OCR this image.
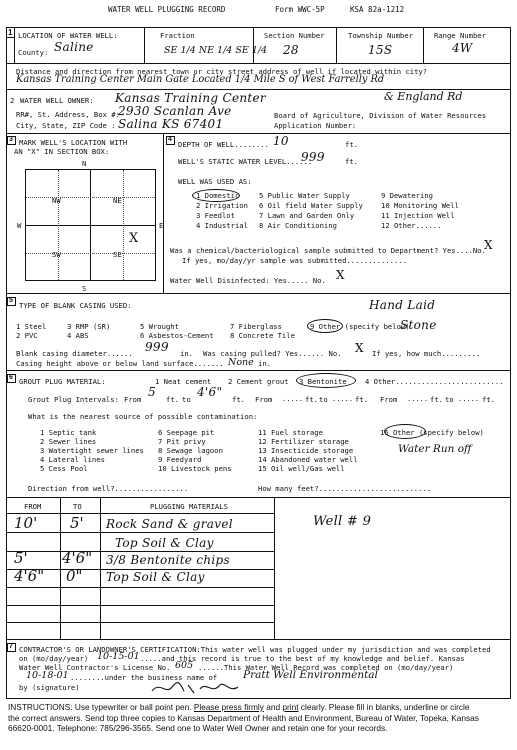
WATER WELL PLUGGING RECORD	Form WWC-5P	KSA 82a-1212
1 LOCATION OF WATER WELL:
County: Saline
Fraction
SE 1/4 NE 1/4 SE 1/4
Section Number
28
Township Number
15S
Range Number
4W
Distance and direction from nearest town or city street address of well if located within city?
Kansas Training Center Main Gate Located 1/4 Mile S of West Farrelly Rd
2 WATER WELL OWNER: Kansas Training Center	& England Rd
RR#, St. Address, Box #:
2930 Scanlan Ave	Board of Agriculture, Division of Water Resources
City, State, ZIP Code : Salina KS 67401	Application Number:
3 MARK WELL'S LOCATION WITH
AN "X" IN SECTION BOX:
N
NW	NE
SW	SE
W	E
S
X
4
DEPTH OF WELL........ 10	ft.
WELL'S STATIC WATER LEVEL......
999	ft.
WELL WAS USED AS:
1 Domestic	5 Public Water Supply	9 Dewatering
2 Irrigation 6 Oil field Water Supply	10 Monitoring Well
3 Feedlot	7 Lawn and Garden Only	11 Injection Well
4 Industrial 8 Air Conditioning	12 Other......
Was a chemical/bacteriological sample submitted to Department? Yes....No.
X
If yes, mo/day/yr sample was submitted..............
Water Well Disinfected: Yes..... No. X
5
TYPE OF BLANK CASING USED:	Hand Laid
1 Steel	3 RMP (SR)	5 Wrought	7 Fiberglass	9 Other (specify below)
Stone
2 PVC	4 ABS	6 Asbestos-Cement 8 Concrete Tile
Blank casing diameter...... 999 in. Was casing pulled? Yes...... No. X If yes, how much.........
Casing height above or below land surface....... None in.
6 GROUT PLUG MATERIAL:	1 Neat cement 2 Cement grout 3 Bentonite	4 Other.........................
Grout Plug Intervals: From
5
ft. to
4'6"
ft. From ..... ft. to ..... ft. From ..... ft. to ..... ft.
What is the nearest source of possible contamination:
1 Septic tank	6 Seepage pit	11 Fuel storage
2 Sewer lines	7 Pit privy	12 Fertilizer storage
3 Watertight sewer lines 8 Sewage lagoon	13 Insecticide storage
4 Lateral lines	9 Feedyard	14 Abandoned water well
5 Cess Pool	10 Livestock pens	15 Oil well/Gas well
16 Other (specify below)
Water Run off
Direction from well?.................	How many feet?..........................
FROM	TO	PLUGGING MATERIALS
Well # 9
10' 5' Rock Sand & gravel
Top Soil & Clay
5' 4'6" 3/8 Bentonite chips
4'6" 0" Top Soil & Clay
7 CONTRACTOR'S OR LANDOWNER'S CERTIFICATION:This water well was plugged under my jurisdiction and was completed
on (mo/day/year) 10-15-01 .....and this record is true to the best of my knowledge and belief. Kansas
Water Well Contractor's License No. 605 ......This Water Well Record was completed on (mo/day/year)
10-18-01 ........under the business name of Pratt Well Environmental
by (signature)
INSTRUCTIONS: Use typewriter or ball point pen. Please press firmly and print clearly. Please fill in blanks, underline or circle
the correct answers. Send top three copies to Kansas Department of Health and Environment, Bureau of Water, Topeka, Kansas
66620-0001. Telephone: 785/296-3565. Send one to Water Well Owner and retain one for your records.
